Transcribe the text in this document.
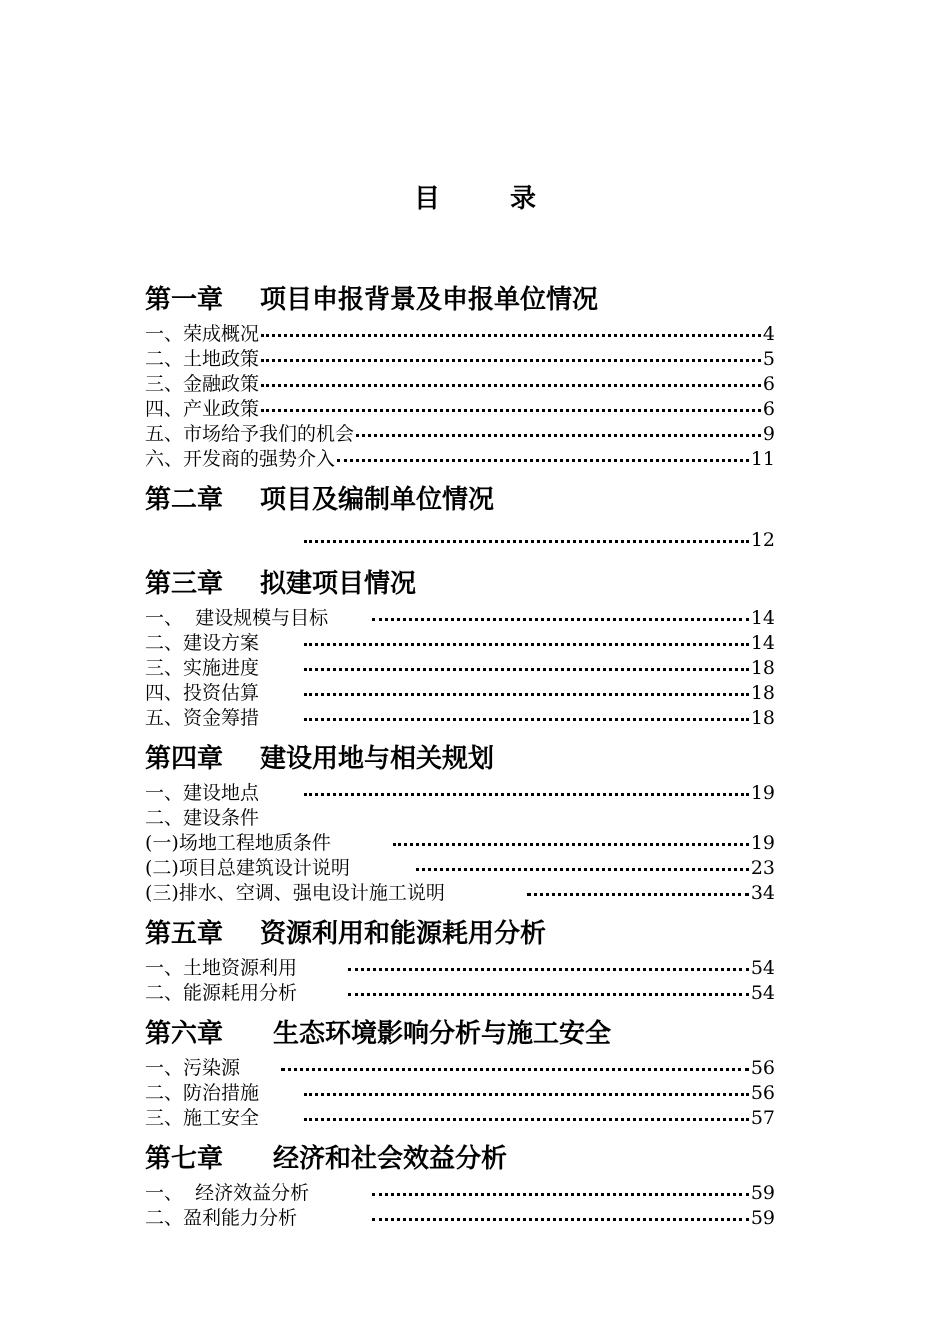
目	录
第一章 项目申报背景及申报单位情况
一、荣成概况	4
二、土地政策	5
三、金融政策	6
四、产业政策	6
五、市场给予我们的机会	9
六、开发商的强势介入	11
第二章 项目及编制单位情况
12
第三章 拟建项目情况
一、  建设规模与目标	14
二、建设方案	14
三、实施进度	18
四、投资估算	18
五、资金筹措	18
第四章 建设用地与相关规划
一、建设地点	19
二、建设条件
(一)场地工程地质条件	19
(二)项目总建筑设计说明	23
(三)排水、空调、强电设计施工说明	34
第五章 资源利用和能源耗用分析
一、土地资源利用	54
二、能源耗用分析	54
第六章 生态环境影响分析与施工安全
一、污染源	56
二、防治措施	56
三、施工安全	57
第七章 经济和社会效益分析
一、  经济效益分析	59
二、盈利能力分析	59
